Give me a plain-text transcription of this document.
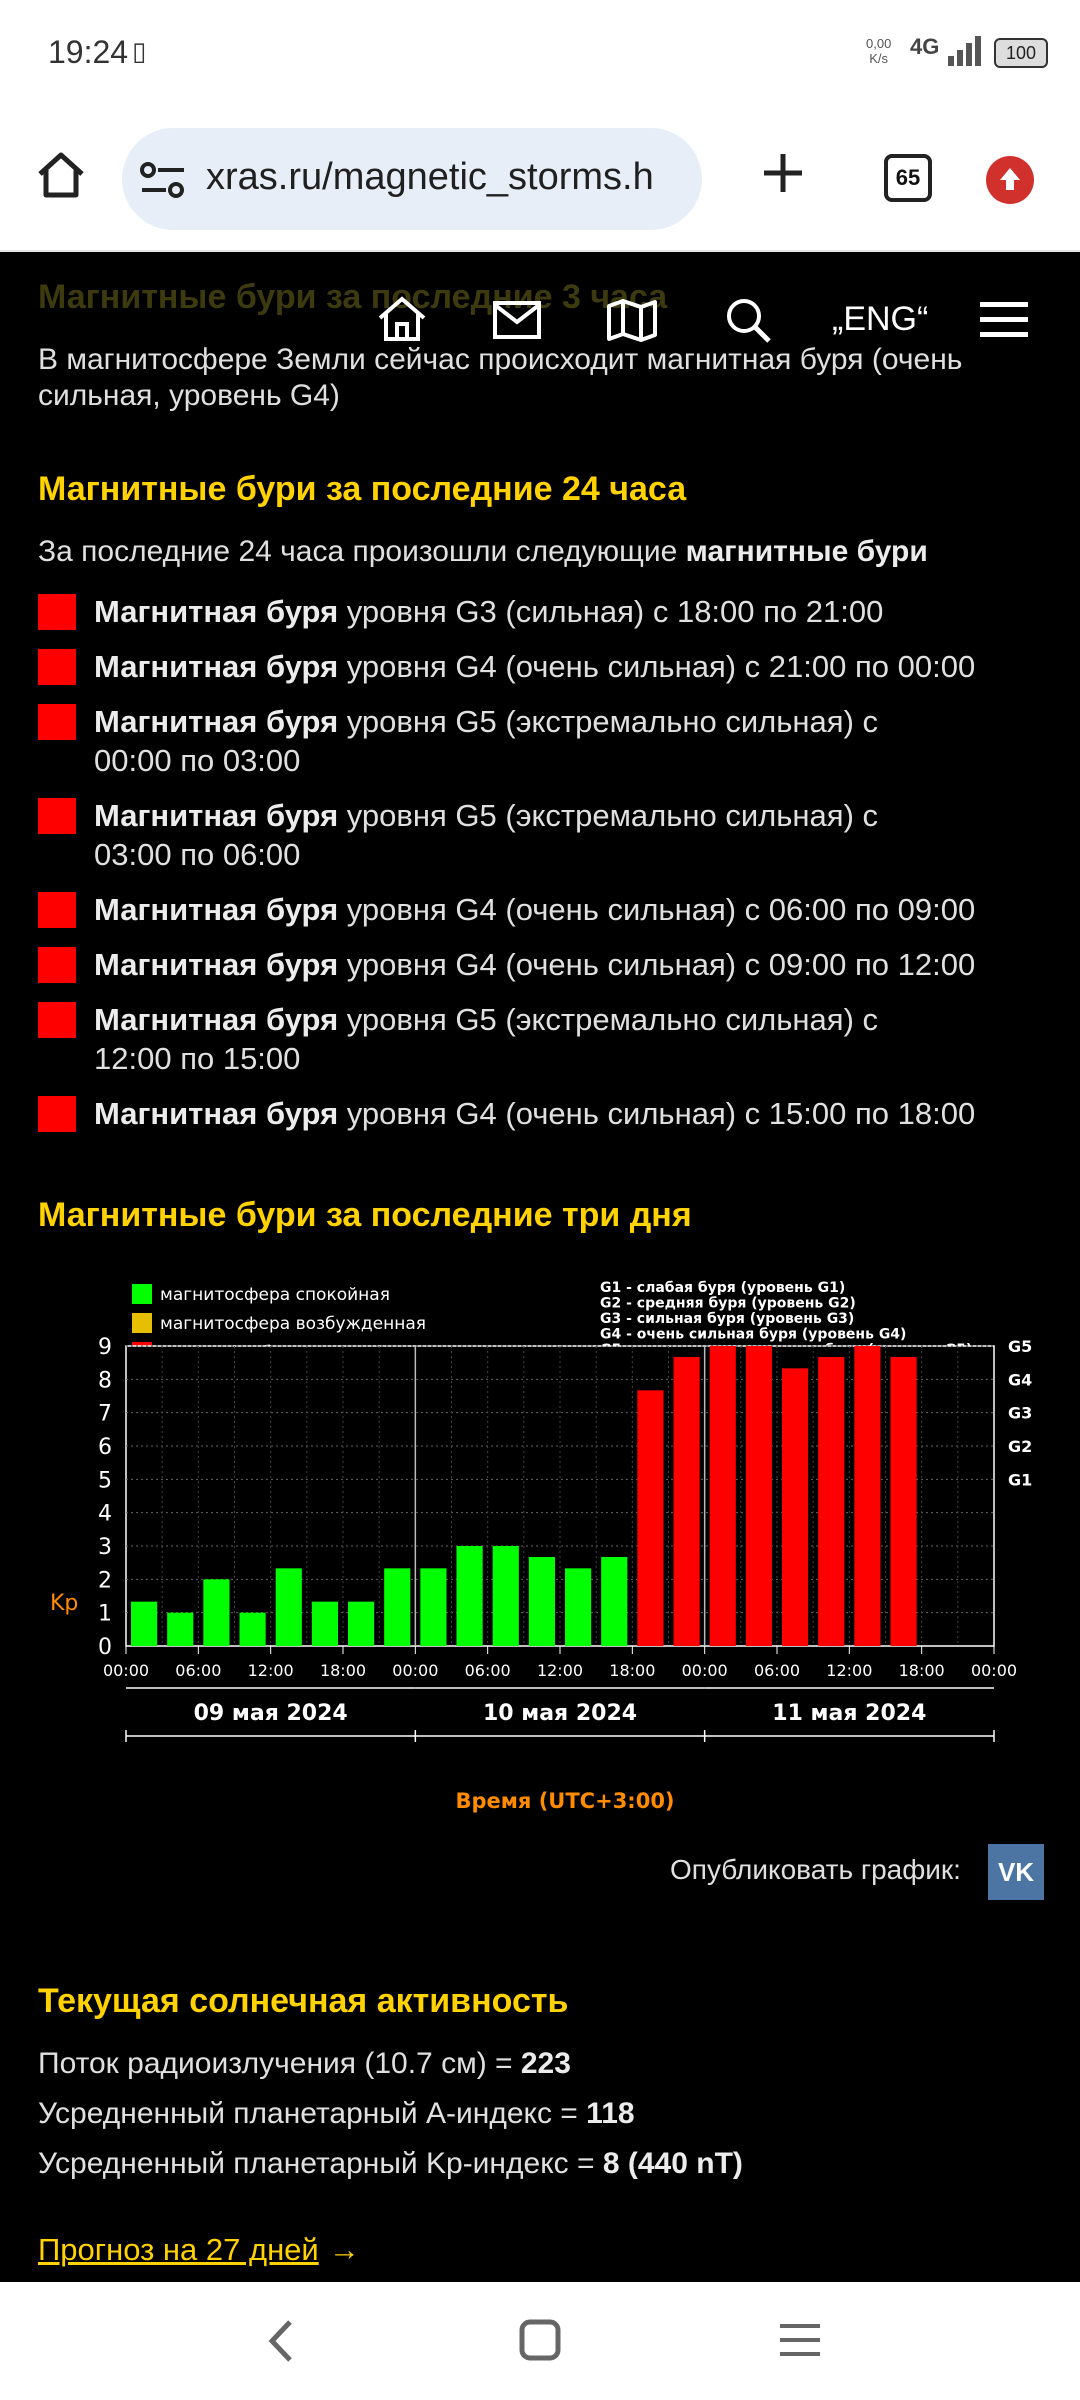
19:24 ▯	0,00
K/s 4G	100
xras.ru/magnetic_storms.h	65
Магнитные бури за последние 3 часа
В магнитосфере Земли сейчас происходит магнитная буря (очень сильная, уровень G4)
„ENG“
Магнитные бури за последние 24 часа
За последние 24 часа произошли следующие магнитные бури
Магнитная буря уровня G3 (сильная) с 18:00 по 21:00
Магнитная буря уровня G4 (очень сильная) с 21:00 по 00:00
Магнитная буря уровня G5 (экстремально сильная) с 00:00 по 03:00
Магнитная буря уровня G5 (экстремально сильная) с 03:00 по 06:00
Магнитная буря уровня G4 (очень сильная) с 06:00 по 09:00
Магнитная буря уровня G4 (очень сильная) с 09:00 по 12:00
Магнитная буря уровня G5 (экстремально сильная) с 12:00 по 15:00
Магнитная буря уровня G4 (очень сильная) с 15:00 по 18:00
Магнитные бури за последние три дня
магнитосфера спокойная
магнитосфера возбужденная
G1 - слабая буря (уровень G1)
G2 - средняя буря (уровень G2)
G3 - сильная буря (уровень G3)
G4 - очень сильная буря (уровень G4)
0
1
2
3
4
5
6
7
8
9
G1
G2
G3
G4
G5
00:00 06:00 12:00 18:00 00:00 06:00 12:00 18:00 00:00 06:00 12:00 18:00 00:00
09 мая 2024	10 мая 2024	11 мая 2024
Kp
Время (UTC+3:00)
Опубликовать график:	VK
Текущая солнечная активность
Поток радиоизлучения (10.7 см) = 223
Усредненный планетарный A-индекс = 118
Усредненный планетарный Kp-индекс = 8 (440 nT)
Прогноз на 27 дней →
